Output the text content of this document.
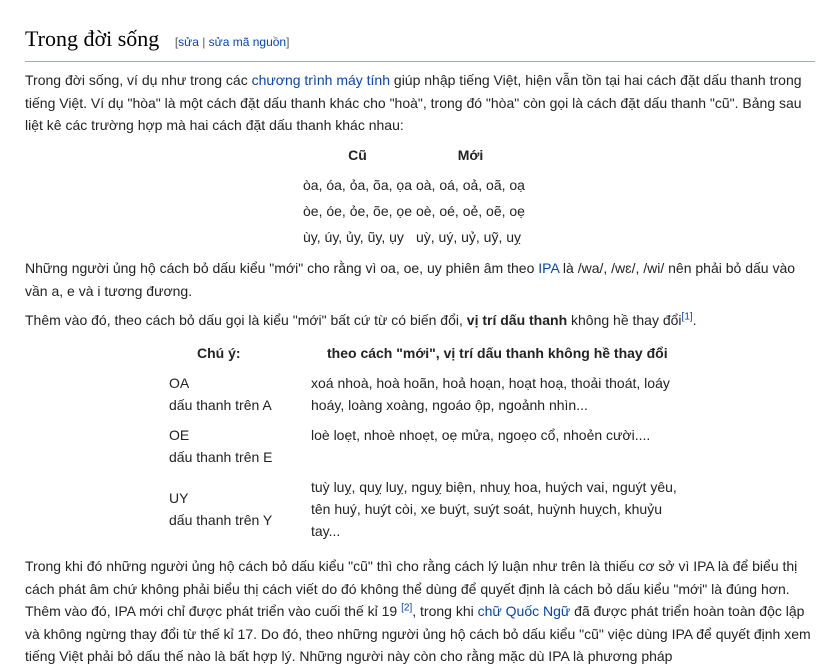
Trong đời sống [sửa | sửa mã nguồn]

Trong đời sống, ví dụ như trong các chương trình máy tính giúp nhập tiếng Việt, hiện vẫn tồn tại hai cách đặt dấu thanh trong tiếng Việt. Ví dụ "hòa" là một cách đặt dấu thanh khác cho "hoà", trong đó "hòa" còn gọi là cách đặt dấu thanh "cũ". Bảng sau liệt kê các trường hợp mà hai cách đặt dấu thanh khác nhau:

Cũ	Mới
òa, óa, ỏa, õa, ọa	oà, oá, oả, oã, oạ
òe, óe, ỏe, õe, ọe	oè, oé, oẻ, oẽ, oẹ
ùy, úy, ủy, ũy, ụy	uỳ, uý, uỷ, uỹ, uỵ

Những người ủng hộ cách bỏ dấu kiểu "mới" cho rằng vì oa, oe, uy phiên âm theo IPA là /wa/, /wɛ/, /wi/ nên phải bỏ dấu vào vần a, e và i tương đương.

Thêm vào đó, theo cách bỏ dấu gọi là kiểu "mới" bất cứ từ có biến đổi, vị trí dấu thanh không hề thay đổi[1].

Chú ý:	theo cách "mới", vị trí dấu thanh không hề thay đổi
OA
dấu thanh trên A	xoá nhoà, hoà hoãn, hoả hoạn, hoạt hoạ, thoải thoát, loáy hoáy, loàng xoàng, ngoáo ộp, ngoảnh nhìn...
OE
dấu thanh trên E	loè loẹt, nhoè nhoẹt, oẹ mửa, ngoẹo cổ, nhoẻn cười....
UY
dấu thanh trên Y	tuỳ luỵ, quỵ luỵ, nguỵ biện, nhuỵ hoa, huých vai, nguýt yêu, tên huý, huýt còi, xe buýt, suýt soát, huỳnh huỵch, khuỷu tay...

Trong khi đó những người ủng hộ cách bỏ dấu kiểu "cũ" thì cho rằng cách lý luận như trên là thiếu cơ sở vì IPA là để biểu thị cách phát âm chứ không phải biểu thị cách viết do đó không thể dùng để quyết định là cách bỏ dấu kiểu "mới" là đúng hơn. Thêm vào đó, IPA mới chỉ được phát triển vào cuối thế kỉ 19 [2], trong khi chữ Quốc Ngữ đã được phát triển hoàn toàn độc lập và không ngừng thay đổi từ thế kỉ 17. Do đó, theo những người ủng hộ cách bỏ dấu kiểu "cũ" việc dùng IPA để quyết định xem tiếng Việt phải bỏ dấu thế nào là bất hợp lý. Những người này còn cho rằng mặc dù IPA là phương pháp
